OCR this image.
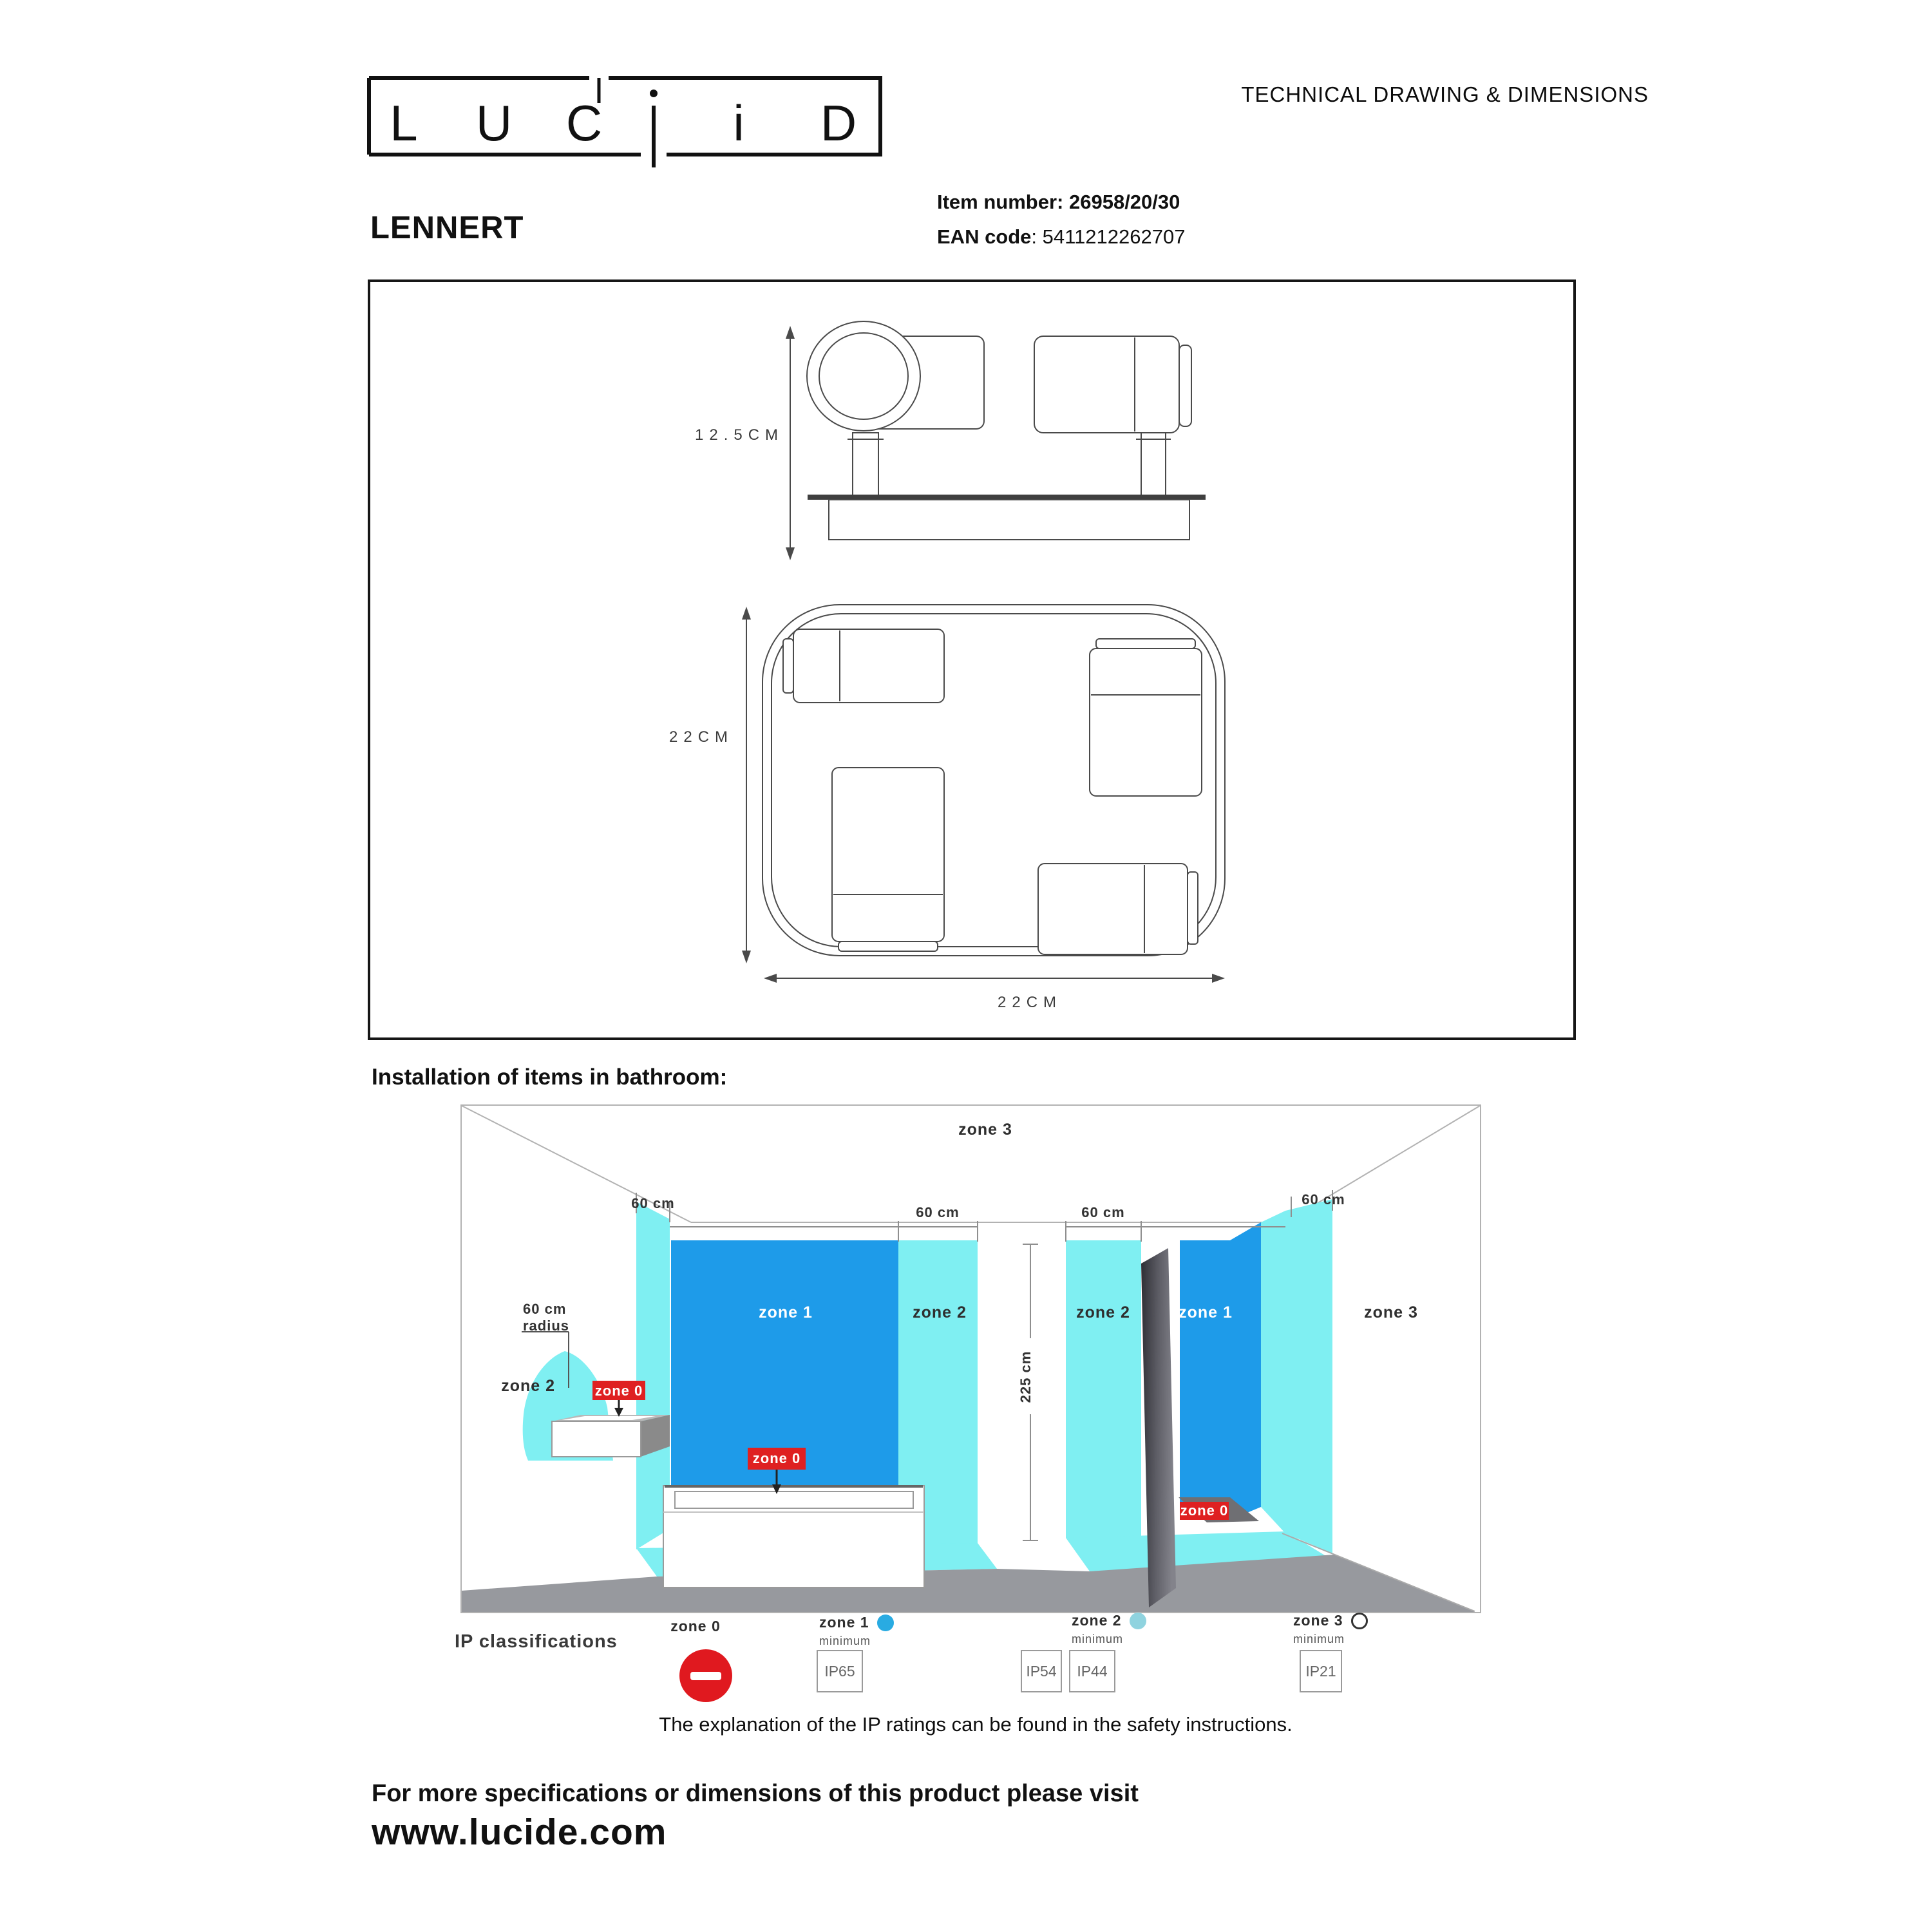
L U C	i D
TECHNICAL DRAWING & DIMENSIONS
LENNERT
Item number: 26958/20/30
EAN code: 5411212262707
12.5CM
22CM
22CM
Installation of items in bathroom:
225 cm
zone 0
zone 0
zone 0
zone 3
60 cm
60 cm	60 cm
60 cm
60 cm
radius
zone 2
zone 1	zone 2	zone 2	zone 1	zone 3
IP classifications
zone 0	zone 1
minimum
IP65
zone 2
minimum
IP54	IP44
zone 3
minimum
IP21
The explanation of the IP ratings can be found in the safety instructions.
For more specifications or dimensions of this product please visit
www.lucide.com
